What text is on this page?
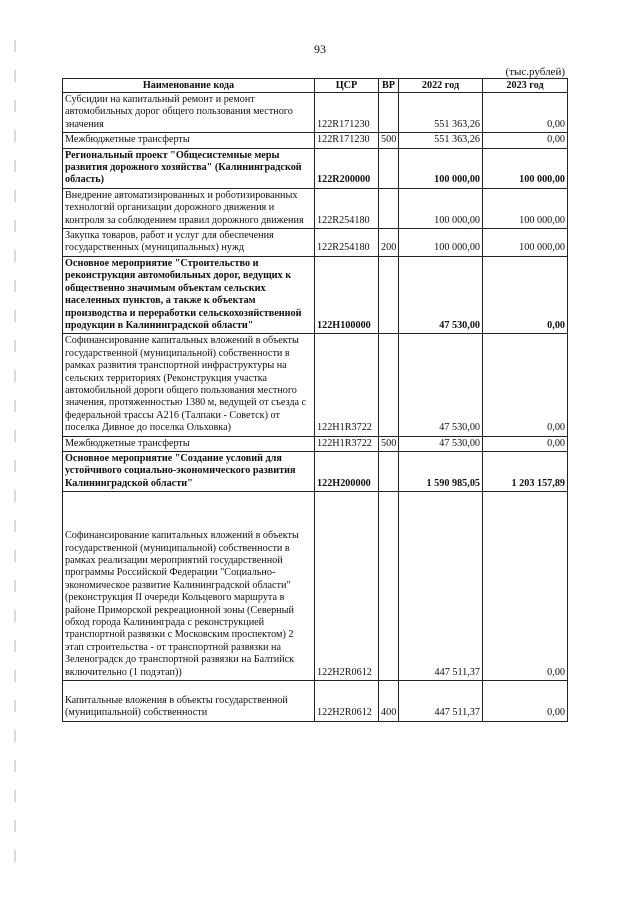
93
(тыс.рублей)
Наименование кода	ЦСР	ВР	2022 год	2023 год
Субсидии на капитальный ремонт и ремонт автомобильных дорог общего пользования местного значения	122R171230		551 363,26	0,00
Межбюджетные трансферты	122R171230	500	551 363,26	0,00
Региональный проект "Общесистемные меры развития дорожного хозяйства" (Калининградской область)	122R200000		100 000,00	100 000,00
Внедрение автоматизированных и роботизированных технологий организации дорожного движения и контроля за соблюдением правил дорожного движения	122R254180		100 000,00	100 000,00
Закупка товаров, работ и услуг для обеспечения государственных (муниципальных) нужд	122R254180	200	100 000,00	100 000,00
Основное мероприятие "Строительство и реконструкция автомобильных дорог, ведущих к общественно значимым объектам сельских населенных пунктов, а также к объектам производства и переработки сельскохозяйственной продукции в Калининградской области"	122H100000		47 530,00	0,00
Софинансирование капитальных вложений в объекты государственной (муниципальной) собственности в рамках развития транспортной инфраструктуры на сельских территориях (Реконструкция участка автомобильной дороги общего пользования местного значения, протяженностью 1380 м, ведущей от съезда с федеральной трассы А216 (Талпаки - Советск) от поселка Дивное до поселка Ольховка)	122H1R3722		47 530,00	0,00
Межбюджетные трансферты	122H1R3722	500	47 530,00	0,00
Основное мероприятие "Создание условий для устойчивого социально-экономического развития Калининградской области"	122H200000		1 590 985,05	1 203 157,89
Софинансирование капитальных вложений в объекты государственной (муниципальной) собственности в рамках реализации мероприятий государственной программы Российской Федерации "Социально-экономическое развитие Калининградской области"(реконструкция II очереди Кольцевого маршрута в районе Приморской рекреационной зоны (Северный обход города Калининграда с реконструкцией транспортной развязки с Московским проспектом) 2 этап строительства - от транспортной развязки на Зеленоградск до транспортной развязки на Балтийск включительно (1 подэтап))	122H2R0612		447 511,37	0,00
Капитальные вложения в объекты государственной (муниципальной) собственности	122H2R0612	400	447 511,37	0,00
